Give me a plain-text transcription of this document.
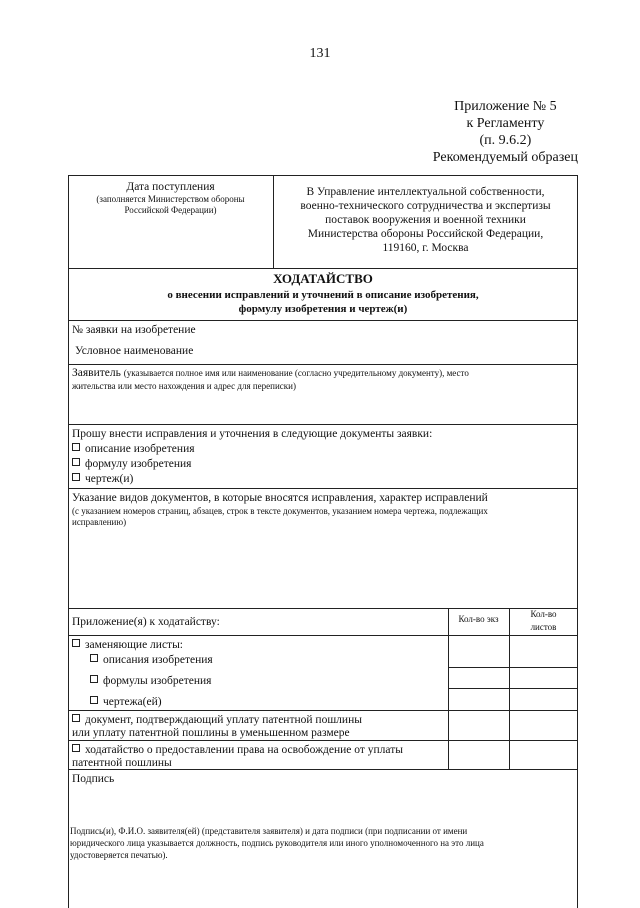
131
Приложение № 5
к Регламенту
(п. 9.6.2)
Рекомендуемый образец
Дата поступления
(заполняется Министерством обороны
Российской Федерации)
В Управление интеллектуальной собственности,
военно-технического сотрудничества и экспертизы
поставок вооружения и военной техники
Министерства обороны Российской Федерации,
119160, г. Москва
ХОДАТАЙСТВО
о внесении исправлений и уточнений в описание изобретения,
формулу изобретения и чертеж(и)
№ заявки на изобретение
Условное наименование
Заявитель (указывается полное имя или наименование (согласно учредительному документу), место
жительства или место нахождения и адрес для переписки)
Прошу внести исправления и уточнения в следующие документы заявки:
описание изобретения
формулу изобретения
чертеж(и)
Указание видов документов, в которые вносятся исправления, характер исправлений
(с указанием номеров страниц, абзацев, строк в тексте документов, указанием номера чертежа, подлежащих
исправлению)
Приложение(я) к ходатайству:	Кол-во экз	Кол-во
листов
заменяющие листы:
описания изобретения
формулы изобретения
чертежа(ей)
документ, подтверждающий уплату патентной пошлины
или уплату патентной пошлины в уменьшенном размере
ходатайство о предоставлении права на освобождение от уплаты
патентной пошлины
Подпись
Подпись(и), Ф.И.О. заявителя(ей) (представителя заявителя) и дата подписи (при подписании от имени
юридического лица указывается должность, подпись руководителя или иного уполномоченного на это лица
удостоверяется печатью).
